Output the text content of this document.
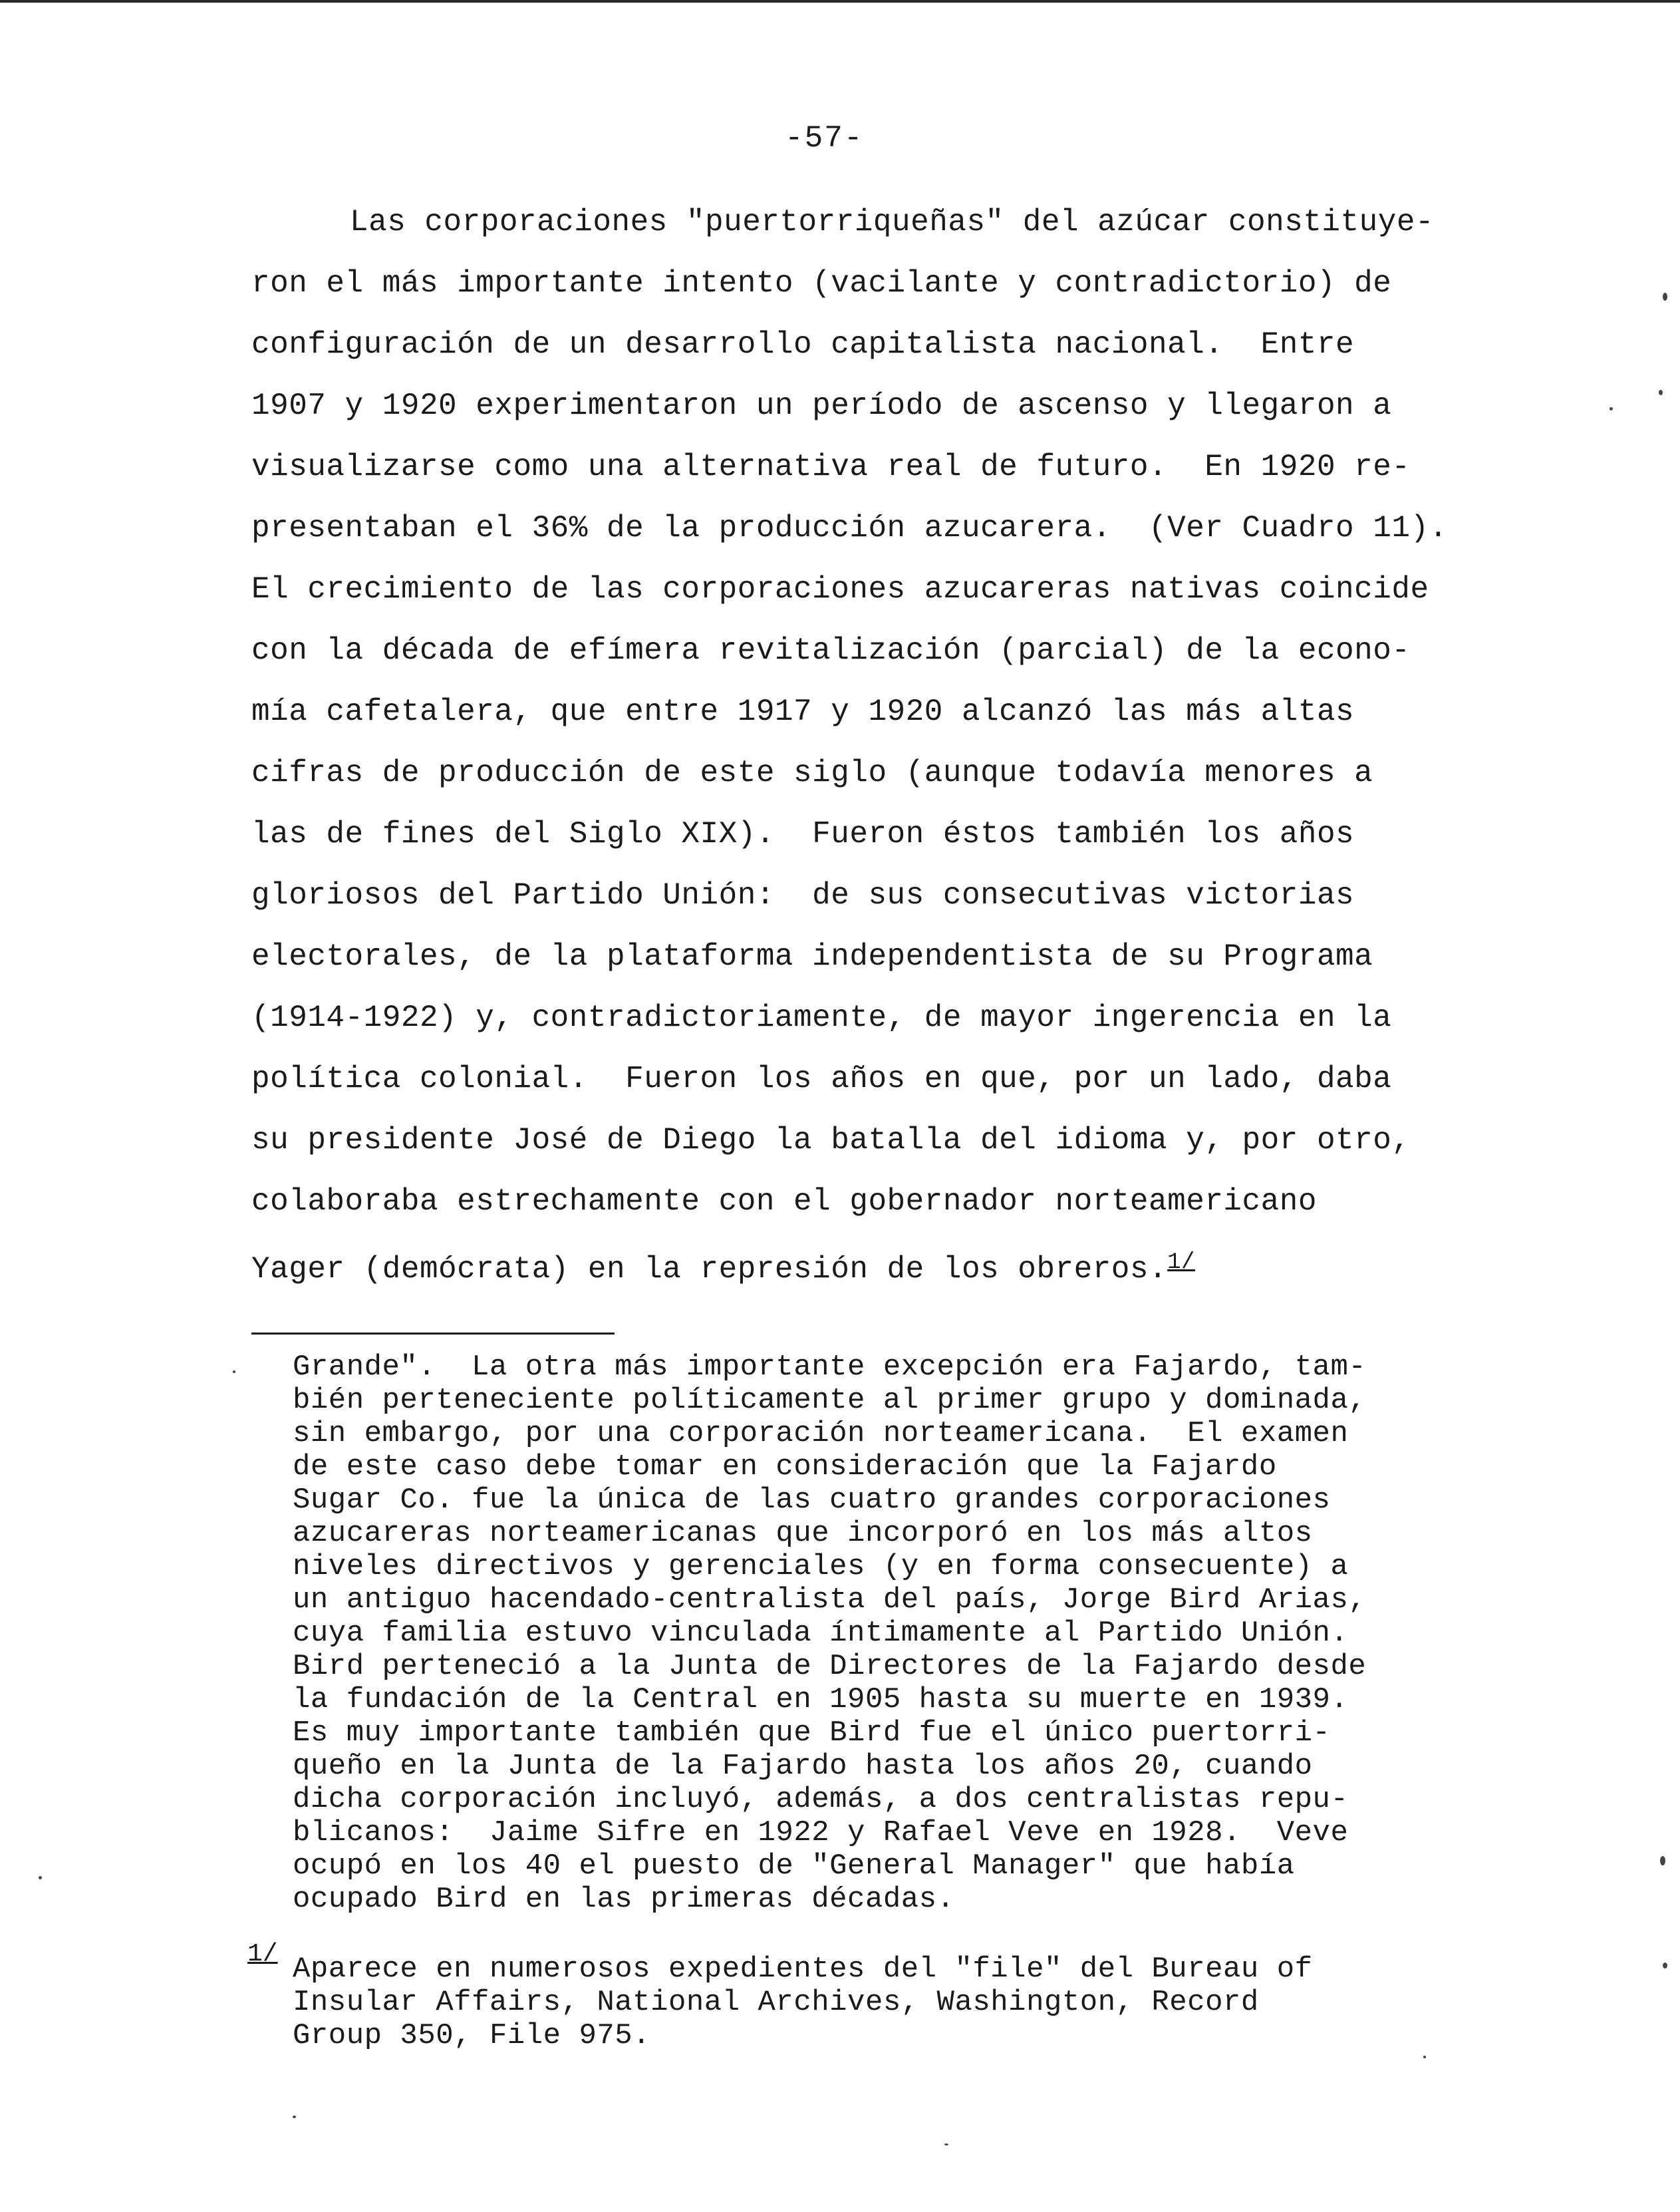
-57-
Las corporaciones "puertorriqueñas" del azúcar constituye-
ron el más importante intento (vacilante y contradictorio) de
configuración de un desarrollo capitalista nacional.  Entre
1907 y 1920 experimentaron un período de ascenso y llegaron a
visualizarse como una alternativa real de futuro.  En 1920 re-
presentaban el 36% de la producción azucarera.  (Ver Cuadro 11).
El crecimiento de las corporaciones azucareras nativas coincide
con la década de efímera revitalización (parcial) de la econo-
mía cafetalera, que entre 1917 y 1920 alcanzó las más altas
cifras de producción de este siglo (aunque todavía menores a
las de fines del Siglo XIX).  Fueron éstos también los años
gloriosos del Partido Unión:  de sus consecutivas victorias
electorales, de la plataforma independentista de su Programa
(1914-1922) y, contradictoriamente, de mayor ingerencia en la
política colonial.  Fueron los años en que, por un lado, daba
su presidente José de Diego la batalla del idioma y, por otro,
colaboraba estrechamente con el gobernador norteamericano
Yager (demócrata) en la represión de los obreros.$^{1/}$
Grande".  La otra más importante excepción era Fajardo, tam-
bién perteneciente políticamente al primer grupo y dominada,
sin embargo, por una corporación norteamericana.  El examen
de este caso debe tomar en consideración que la Fajardo
Sugar Co. fue la única de las cuatro grandes corporaciones
azucareras norteamericanas que incorporó en los más altos
niveles directivos y gerenciales (y en forma consecuente) a
un antiguo hacendado-centralista del país, Jorge Bird Arias,
cuya familia estuvo vinculada íntimamente al Partido Unión.
Bird perteneció a la Junta de Directores de la Fajardo desde
la fundación de la Central en 1905 hasta su muerte en 1939.
Es muy importante también que Bird fue el único puertorri-
queño en la Junta de la Fajardo hasta los años 20, cuando
dicha corporación incluyó, además, a dos centralistas repu-
blicanos:  Jaime Sifre en 1922 y Rafael Veve en 1928.  Veve
ocupó en los 40 el puesto de "General Manager" que había
ocupado Bird en las primeras décadas.
1/ Aparece en numerosos expedientes del "file" del Bureau of
Insular Affairs, National Archives, Washington, Record
Group 350, File 975.
